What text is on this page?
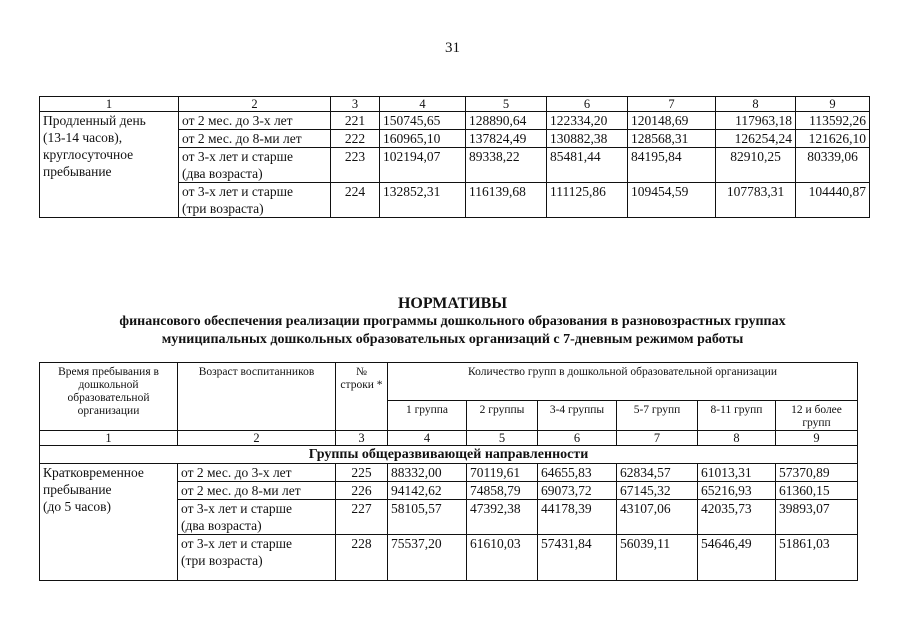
31
1	2	3	4	5	6	7	8	9

Продленный день
(13-14 часов),
круглосуточное
пребывание	от 2 мес. до 3-х лет	221	150745,65	128890,64	122334,20	120148,69	117963,18	113592,26

	от 2 мес. до 8-ми лет	222	160965,10	137824,49	130882,38	128568,31	126254,24	121626,10

	от 3-х лет и старше
(два возраста)	223	102194,07	89338,22	85481,44	84195,84	82910,25	80339,06

	от 3-х лет и старше
(три возраста)	224	132852,31	116139,68	111125,86	109454,59	107783,31	104440,87
НОРМАТИВЫ
финансового обеспечения реализации программы дошкольного образования в разновозрастных группах
муниципальных дошкольных образовательных организаций с 7-дневным режимом работы
Время пребывания в дошкольной образовательной организации	Возраст воспитанников	№ строки *	Количество групп в дошкольной образовательной организации					
			1 группа	2 группы	3-4 группы	5-7 групп	8-11 групп	12 и более групп
1	2	3	4	5	6	7	8	9
Группы общеразвивающей направленности								

Кратковременное
пребывание
(до 5 часов)	от 2 мес. до 3-х лет	225	88332,00	70119,61	64655,83	62834,57	61013,31	57370,89

	от 2 мес. до 8-ми лет	226	94142,62	74858,79	69073,72	67145,32	65216,93	61360,15

	от 3-х лет и старше
(два возраста)	227	58105,57	47392,38	44178,39	43107,06	42035,73	39893,07

	от 3-х лет и старше
(три возраста)	228	75537,20	61610,03	57431,84	56039,11	54646,49	51861,03
